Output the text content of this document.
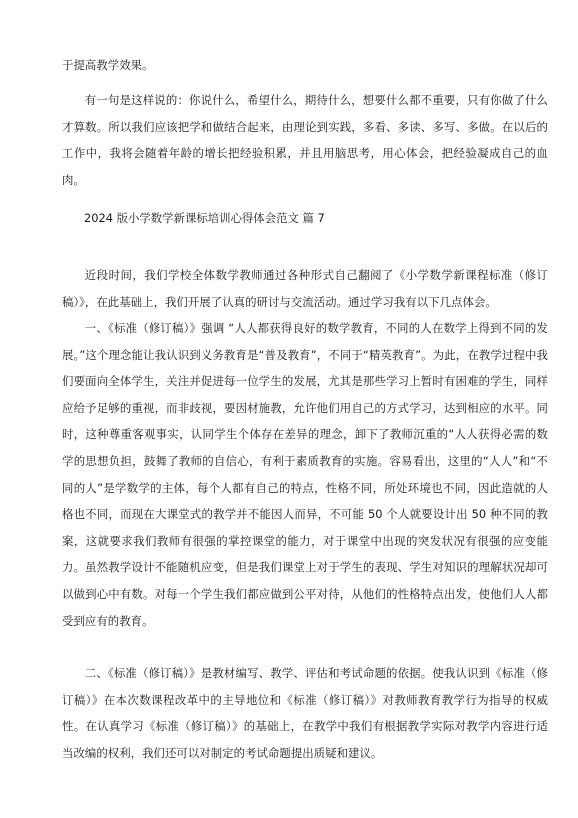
于提高教学效果。

有一句是这样说的：你说什么，希望什么，期待什么，想要什么都不重要，只有你做了什么才算数。所以我们应该把学和做结合起来，由理论到实践，多看、多读、多写、多做。在以后的工作中，我将会随着年龄的增长把经验积累，并且用脑思考，用心体会，把经验凝成自己的血肉。

2024 版小学数学新课标培训心得体会范文 篇 7

近段时间，我们学校全体数学教师通过各种形式自己翻阅了《小学数学新课程标准（修订稿）》，在此基础上，我们开展了认真的研讨与交流活动。通过学习我有以下几点体会。

一、《标准（修订稿）》强调 “人人都获得良好的数学教育，不同的人在数学上得到不同的发展。”这个理念能让我认识到义务教育是“普及教育”，不同于“精英教育”。为此，在教学过程中我们要面向全体学生，关注并促进每一位学生的发展，尤其是那些学习上暂时有困难的学生，同样应给予足够的重视，而非歧视，要因材施教，允许他们用自己的方式学习，达到相应的水平。同时，这种尊重客观事实，认同学生个体存在差异的理念，卸下了教师沉重的“人人获得必需的数学的思想负担，鼓舞了教师的自信心，有利于素质教育的实施。容易看出，这里的“人人”和“不同的人”是学数学的主体，每个人都有自己的特点，性格不同，所处环境也不同，因此造就的人格也不同，而现在大课堂式的教学并不能因人而异，不可能 50 个人就要设计出 50 种不同的教案，这就要求我们教师有很强的掌控课堂的能力，对于课堂中出现的突发状况有很强的应变能力。虽然教学设计不能随机应变，但是我们课堂上对于学生的表现、学生对知识的理解状况却可以做到心中有数。对每一个学生我们都应做到公平对待，从他们的性格特点出发，使他们人人都受到应有的教育。

二、《标准（修订稿）》是教材编写、教学、评估和考试命题的依据。使我认识到《标准（修订稿）》在本次数课程改革中的主导地位和《标准（修订稿）》对教师教育教学行为指导的权威性。在认真学习《标准（修订稿）》的基础上，在教学中我们有根据教学实际对教学内容进行适当改编的权利，我们还可以对制定的考试命题提出质疑和建议。
